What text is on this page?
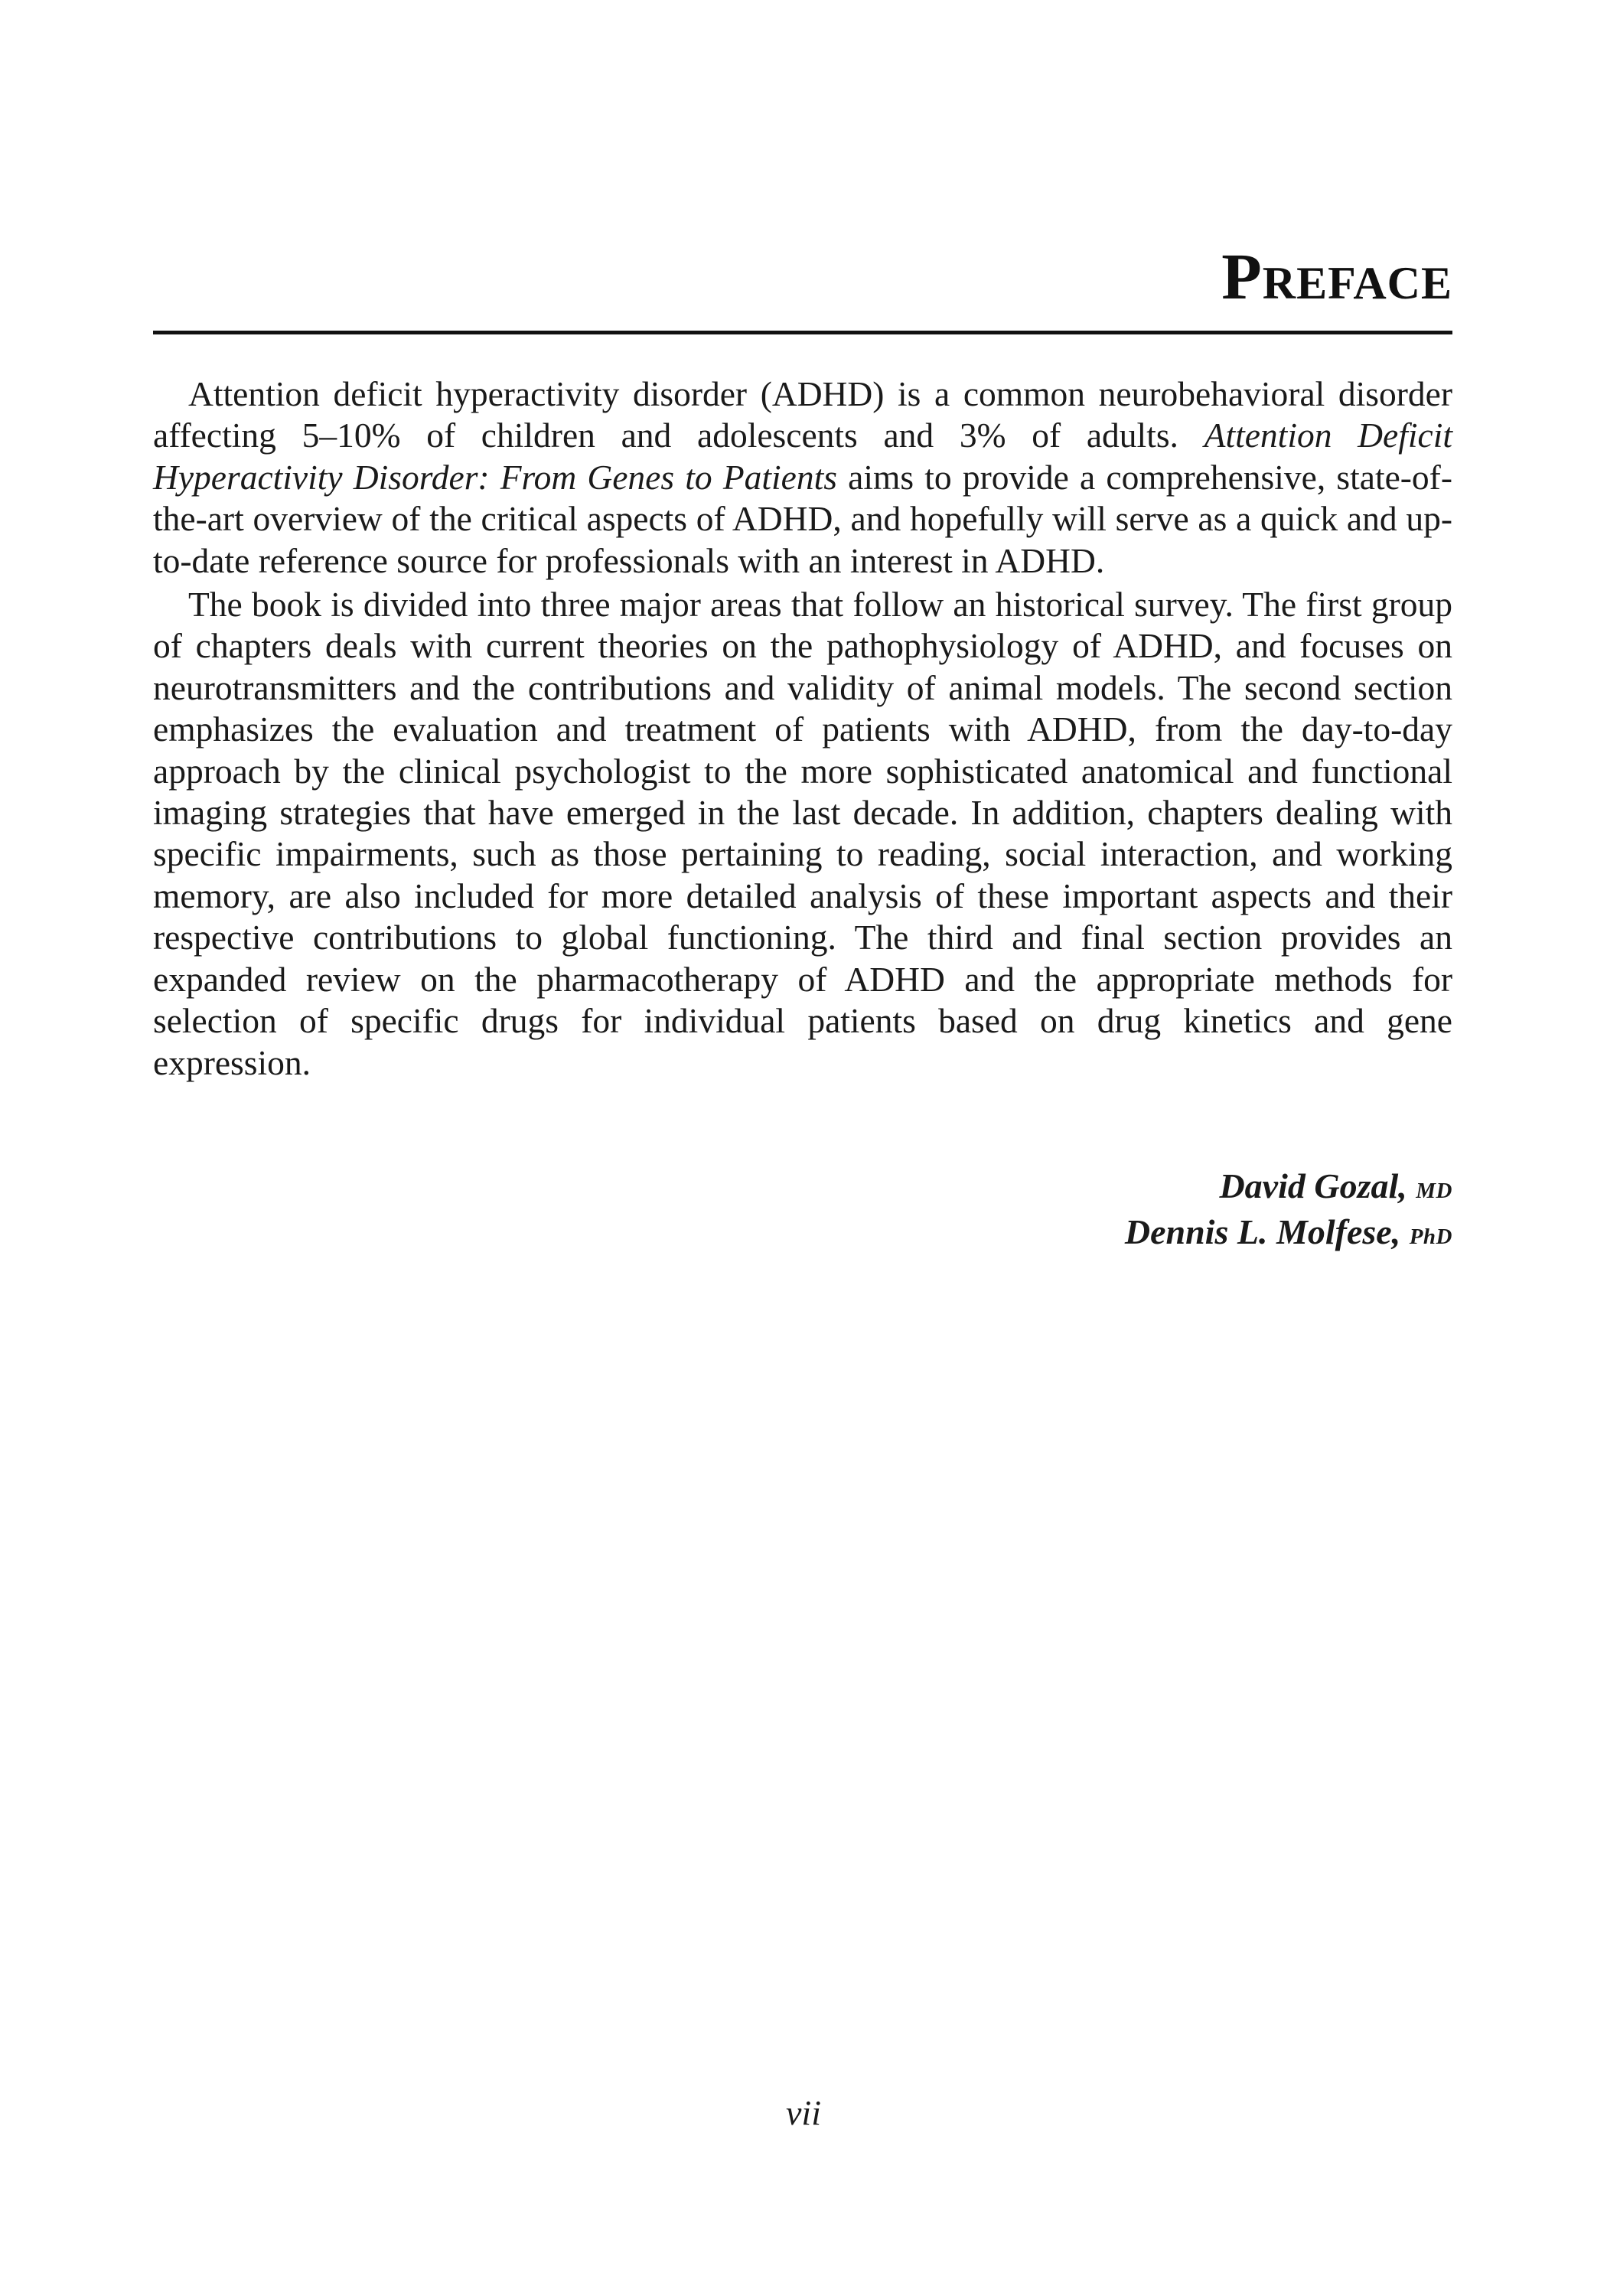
Preface

Attention deficit hyperactivity disorder (ADHD) is a common neurobehavioral disorder affecting 5–10% of children and adolescents and 3% of adults. Attention Deficit Hyperactivity Disorder: From Genes to Patients aims to provide a comprehensive, state-of-the-art overview of the critical aspects of ADHD, and hopefully will serve as a quick and up-to-date reference source for professionals with an interest in ADHD.

The book is divided into three major areas that follow an historical survey. The first group of chapters deals with current theories on the pathophysiology of ADHD, and focuses on neurotransmitters and the contributions and validity of animal models. The second section emphasizes the evaluation and treatment of patients with ADHD, from the day-to-day approach by the clinical psychologist to the more sophisticated anatomical and functional imaging strategies that have emerged in the last decade. In addition, chapters dealing with specific impairments, such as those pertaining to reading, social interaction, and working memory, are also included for more detailed analysis of these important aspects and their respective contributions to global functioning. The third and final section provides an expanded review on the pharmacotherapy of ADHD and the appropriate methods for selection of specific drugs for individual patients based on drug kinetics and gene expression.

David Gozal, MD
Dennis L. Molfese, PhD
vii
